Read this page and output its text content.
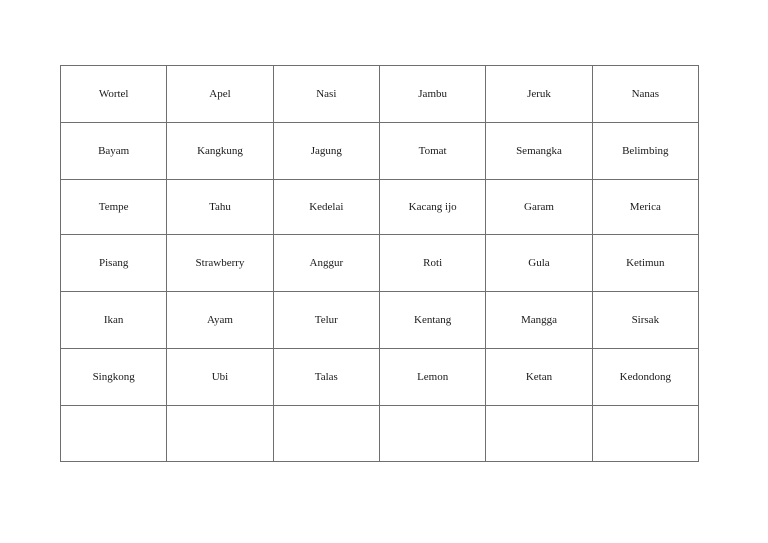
Wortel	Apel	Nasi	Jambu	Jeruk	Nanas
Bayam	Kangkung	Jagung	Tomat	Semangka	Belimbing
Tempe	Tahu	Kedelai	Kacang ijo	Garam	Merica
Pisang	Strawberry	Anggur	Roti	Gula	Ketimun
Ikan	Ayam	Telur	Kentang	Mangga	Sirsak
Singkong	Ubi	Talas	Lemon	Ketan	Kedondong
